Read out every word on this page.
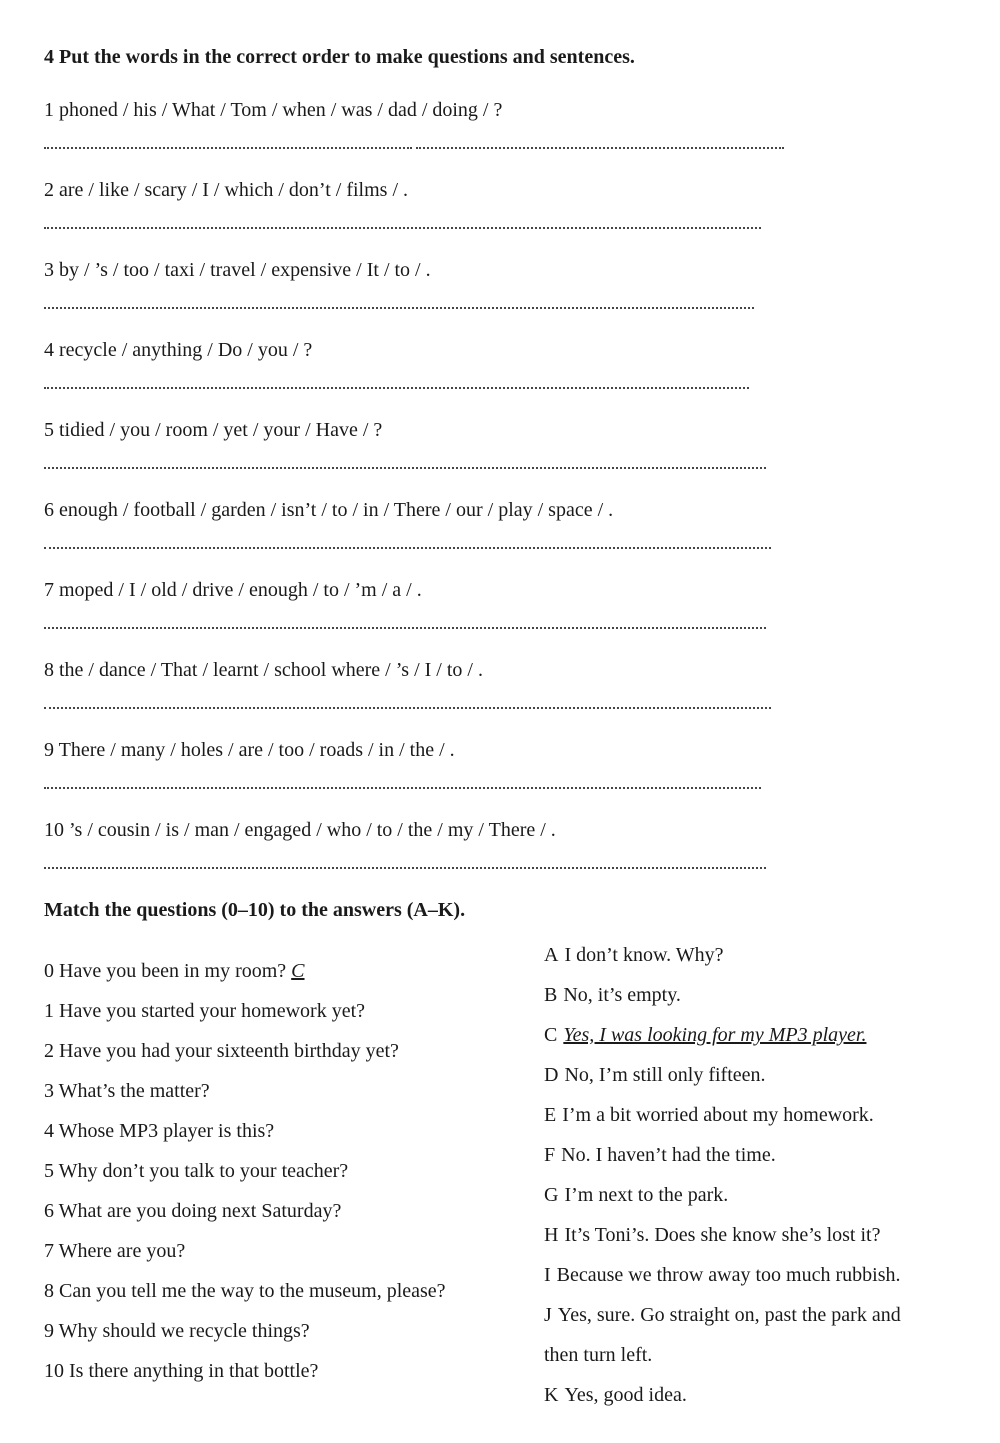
4 Put the words in the correct order to make questions and sentences.
1 phoned / his / What / Tom / when / was / dad / doing / ?
2 are / like / scary / I / which / don’t / films / .
3 by / ’s / too / taxi / travel / expensive / It / to / .
4 recycle / anything / Do / you / ?
5 tidied / you / room / yet / your / Have / ?
6 enough / football / garden / isn’t / to / in / There / our / play / space / .
7 moped / I / old / drive / enough / to / ’m / a / .
8 the / dance / That / learnt / school where / ’s / I / to / .
9 There / many / holes / are / too / roads / in / the / .
10 ’s / cousin / is / man / engaged / who / to / the / my / There / .
Match the questions (0–10) to the answers (A–K).
0 Have you been in my room? C
1 Have you started your homework yet?
2 Have you had your sixteenth birthday yet?
3 What’s the matter?
4 Whose MP3 player is this?
5 Why don’t you talk to your teacher?
6 What are you doing next Saturday?
7 Where are you?
8 Can you tell me the way to the museum, please?
9 Why should we recycle things?
10 Is there anything in that bottle?
A I don’t know. Why?
B No, it’s empty.
C Yes, I was looking for my MP3 player.
D No, I’m still only fifteen.
E I’m a bit worried about my homework.
F No. I haven’t had the time.
G I’m next to the park.
H It’s Toni’s. Does she know she’s lost it?
I Because we throw away too much rubbish.
J Yes, sure. Go straight on, past the park and
then turn left.
K Yes, good idea.
